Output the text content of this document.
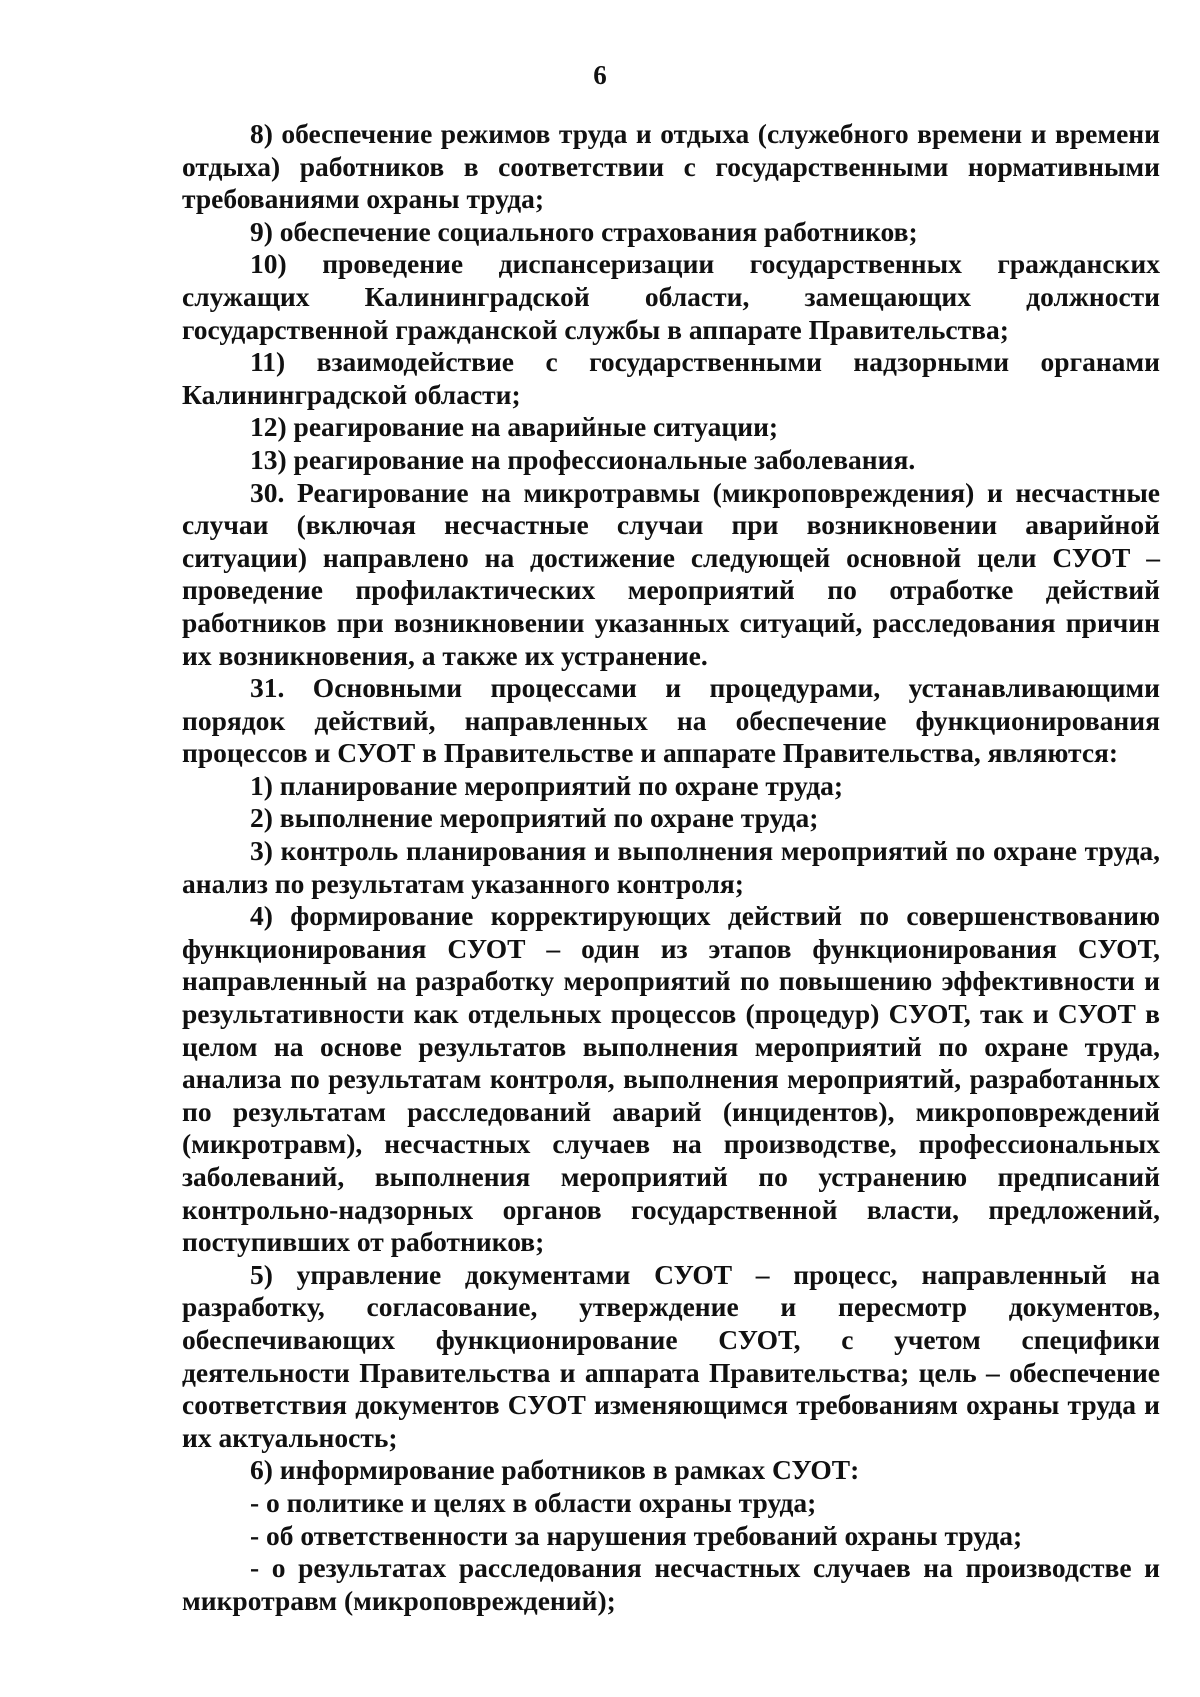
6

8) обеспечение режимов труда и отдыха (служебного времени и времени отдыха) работников в соответствии с государственными нормативными требованиями охраны труда;

9) обеспечение социального страхования работников;

10) проведение диспансеризации государственных гражданских служащих Калининградской области, замещающих должности государственной гражданской службы в аппарате Правительства;

11) взаимодействие с государственными надзорными органами Калининградской области;

12) реагирование на аварийные ситуации;

13) реагирование на профессиональные заболевания.

30. Реагирование на микротравмы (микроповреждения) и несчастные случаи (включая несчастные случаи при возникновении аварийной ситуации) направлено на достижение следующей основной цели СУОТ – проведение профилактических мероприятий по отработке действий работников при возникновении указанных ситуаций, расследования причин их возникновения, а также их устранение.

31. Основными процессами и процедурами, устанавливающими порядок действий, направленных на обеспечение функционирования процессов и СУОТ в Правительстве и аппарате Правительства, являются:

1) планирование мероприятий по охране труда;

2) выполнение мероприятий по охране труда;

3) контроль планирования и выполнения мероприятий по охране труда, анализ по результатам указанного контроля;

4) формирование корректирующих действий по совершенствованию функционирования СУОТ – один из этапов функционирования СУОТ, направленный на разработку мероприятий по повышению эффективности и результативности как отдельных процессов (процедур) СУОТ, так и СУОТ в целом на основе результатов выполнения мероприятий по охране труда, анализа по результатам контроля, выполнения мероприятий, разработанных по результатам расследований аварий (инцидентов), микроповреждений (микротравм), несчастных случаев на производстве, профессиональных заболеваний, выполнения мероприятий по устранению предписаний контрольно-надзорных органов государственной власти, предложений, поступивших от работников;

5) управление документами СУОТ – процесс, направленный на разработку, согласование, утверждение и пересмотр документов, обеспечивающих функционирование СУОТ, с учетом специфики деятельности Правительства и аппарата Правительства; цель – обеспечение соответствия документов СУОТ изменяющимся требованиям охраны труда и их актуальность;

6) информирование работников в рамках СУОТ:

- о политике и целях в области охраны труда;

- об ответственности за нарушения требований охраны труда;

- о результатах расследования несчастных случаев на производстве и микротравм (микроповреждений);
